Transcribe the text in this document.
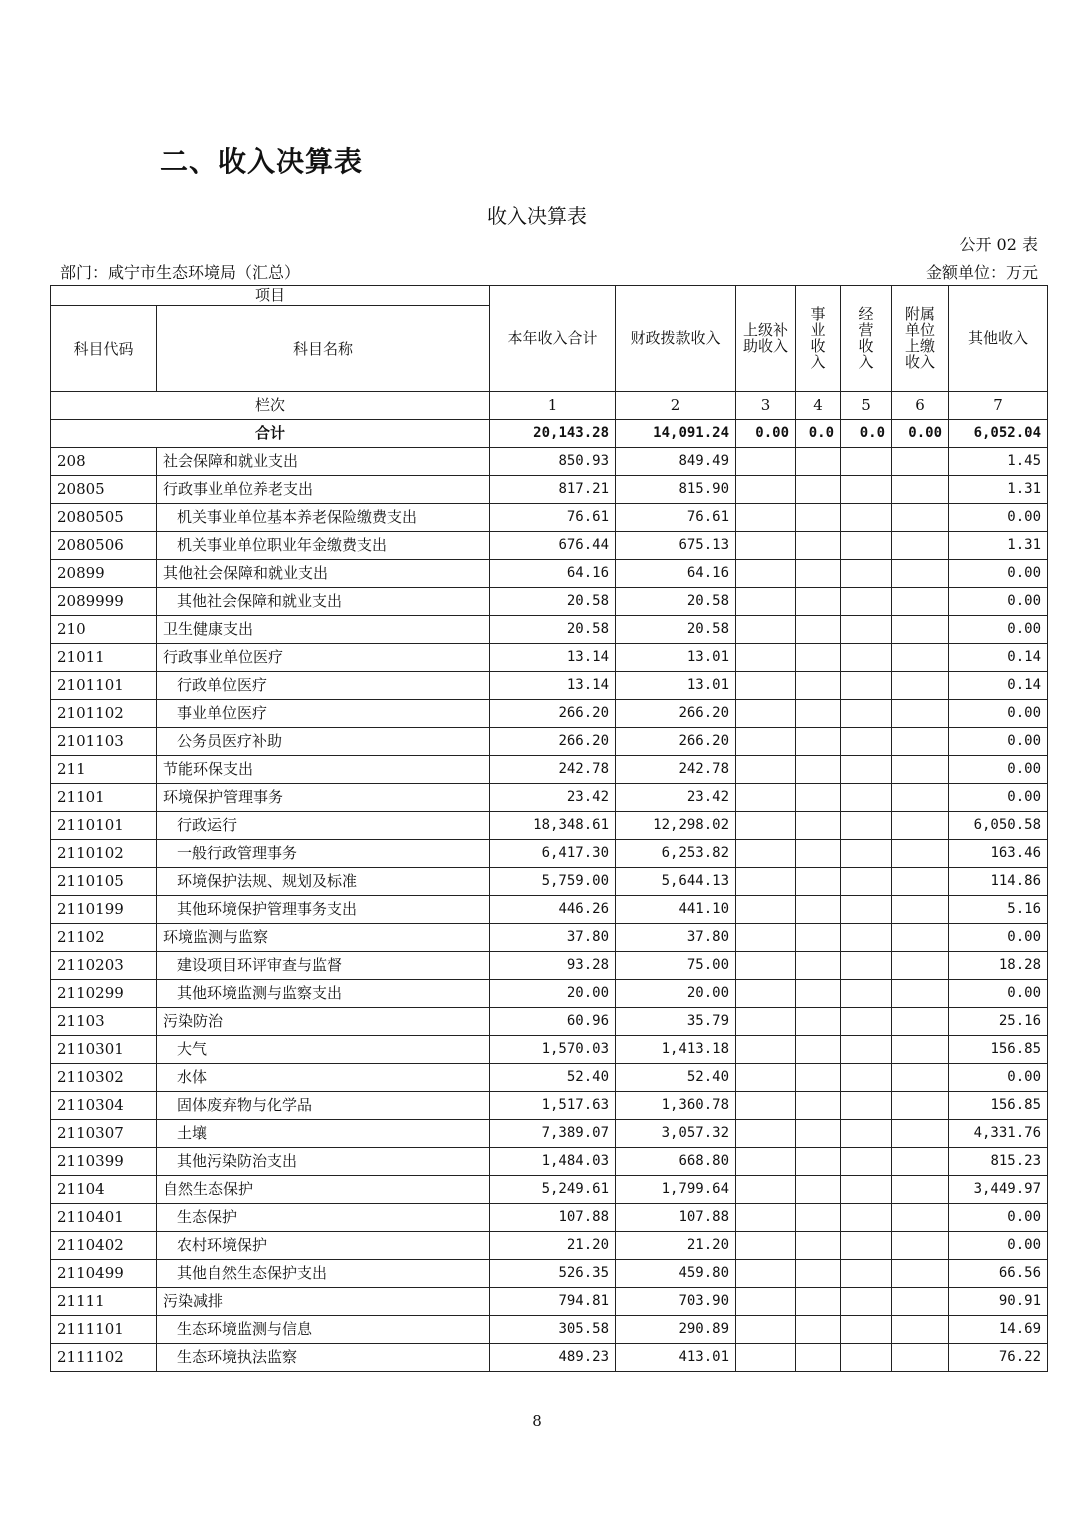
二、收入决算表
收入决算表
公开 02 表
部门：咸宁市生态环境局（汇总）	金额单位：万元
项目		本年收入合计	财政拨款收入	上级补助收入	事业收入	经营收入	附属单位上缴收入	其他收入
科目代码	科目名称							
栏次		1	2	3	4	5	6	7
合计		20,143.28	14,091.24	0.00	0.0	0.0	0.00	6,052.04
208	社会保障和就业支出	850.93	849.49					1.45
20805	行政事业单位养老支出	817.21	815.90					1.31
2080505	机关事业单位基本养老保险缴费支出	76.61	76.61					0.00
2080506	机关事业单位职业年金缴费支出	676.44	675.13					1.31
20899	其他社会保障和就业支出	64.16	64.16					0.00
2089999	其他社会保障和就业支出	20.58	20.58					0.00
210	卫生健康支出	20.58	20.58					0.00
21011	行政事业单位医疗	13.14	13.01					0.14
2101101	行政单位医疗	13.14	13.01					0.14
2101102	事业单位医疗	266.20	266.20					0.00
2101103	公务员医疗补助	266.20	266.20					0.00
211	节能环保支出	242.78	242.78					0.00
21101	环境保护管理事务	23.42	23.42					0.00
2110101	行政运行	18,348.61	12,298.02					6,050.58
2110102	一般行政管理事务	6,417.30	6,253.82					163.46
2110105	环境保护法规、规划及标准	5,759.00	5,644.13					114.86
2110199	其他环境保护管理事务支出	446.26	441.10					5.16
21102	环境监测与监察	37.80	37.80					0.00
2110203	建设项目环评审查与监督	93.28	75.00					18.28
2110299	其他环境监测与监察支出	20.00	20.00					0.00
21103	污染防治	60.96	35.79					25.16
2110301	大气	1,570.03	1,413.18					156.85
2110302	水体	52.40	52.40					0.00
2110304	固体废弃物与化学品	1,517.63	1,360.78					156.85
2110307	土壤	7,389.07	3,057.32					4,331.76
2110399	其他污染防治支出	1,484.03	668.80					815.23
21104	自然生态保护	5,249.61	1,799.64					3,449.97
2110401	生态保护	107.88	107.88					0.00
2110402	农村环境保护	21.20	21.20					0.00
2110499	其他自然生态保护支出	526.35	459.80					66.56
21111	污染减排	794.81	703.90					90.91
2111101	生态环境监测与信息	305.58	290.89					14.69
2111102	生态环境执法监察	489.23	413.01					76.22
8
